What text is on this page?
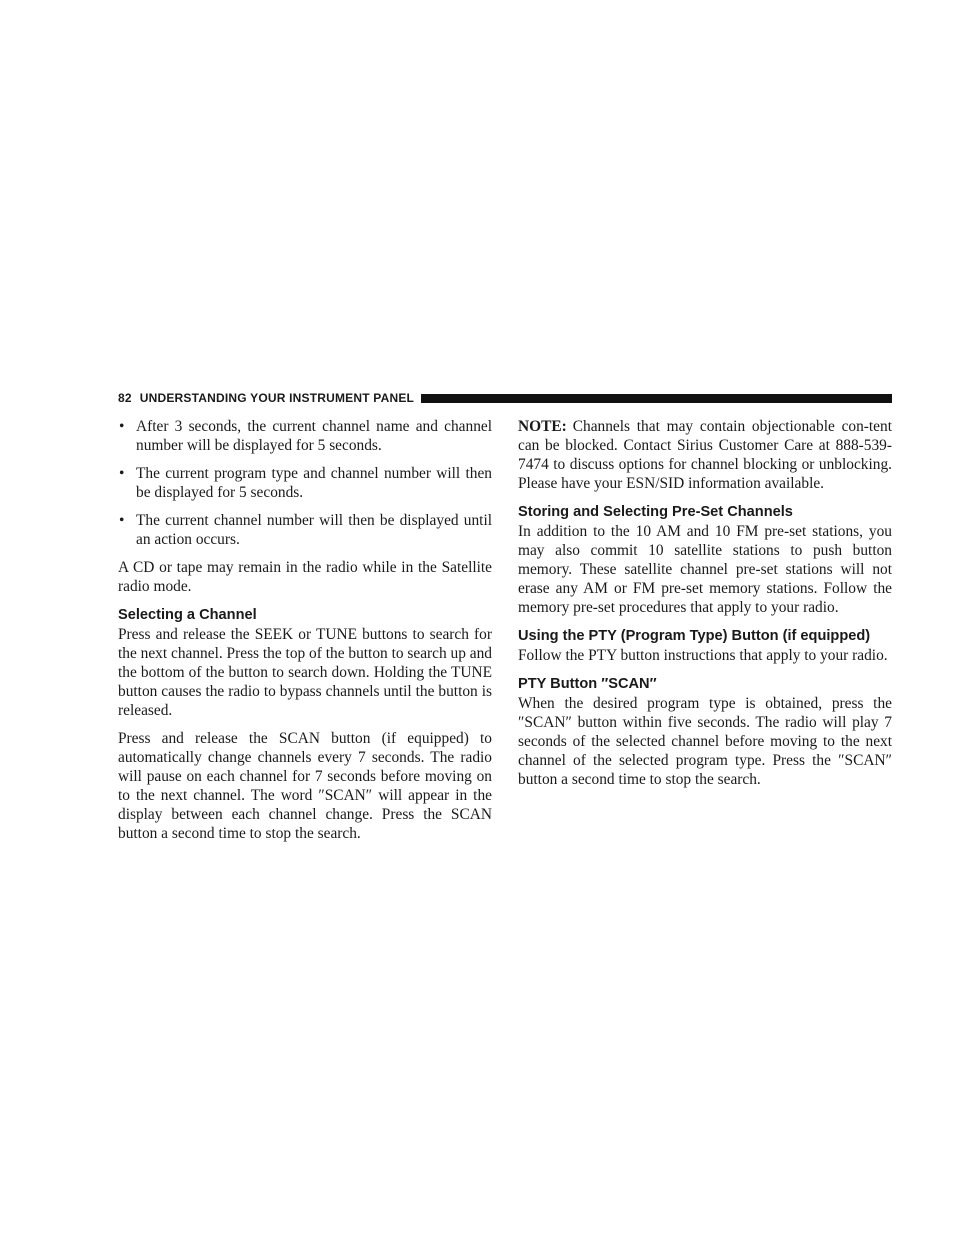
82 UNDERSTANDING YOUR INSTRUMENT PANEL
• After 3 seconds, the current channel name and channel number will be displayed for 5 seconds.
• The current program type and channel number will then be displayed for 5 seconds.
• The current channel number will then be displayed until an action occurs.

A CD or tape may remain in the radio while in the Satellite radio mode.

Selecting a Channel

Press and release the SEEK or TUNE buttons to search for the next channel. Press the top of the button to search up and the bottom of the button to search down. Holding the TUNE button causes the radio to bypass channels until the button is released.

Press and release the SCAN button (if equipped) to automatically change channels every 7 seconds. The radio will pause on each channel for 7 seconds before moving on to the next channel. The word ″SCAN″ will appear in the display between each channel change. Press the SCAN button a second time to stop the search.

NOTE: Channels that may contain objectionable con-tent can be blocked. Contact Sirius Customer Care at 888-539-7474 to discuss options for channel blocking or unblocking. Please have your ESN/SID information available.

Storing and Selecting Pre-Set Channels

In addition to the 10 AM and 10 FM pre-set stations, you may also commit 10 satellite stations to push button memory. These satellite channel pre-set stations will not erase any AM or FM pre-set memory stations. Follow the memory pre-set procedures that apply to your radio.

Using the PTY (Program Type) Button (if equipped)

Follow the PTY button instructions that apply to your radio.

PTY Button ″SCAN″

When the desired program type is obtained, press the ″SCAN″ button within five seconds. The radio will play 7 seconds of the selected channel before moving to the next channel of the selected program type. Press the ″SCAN″ button a second time to stop the search.
